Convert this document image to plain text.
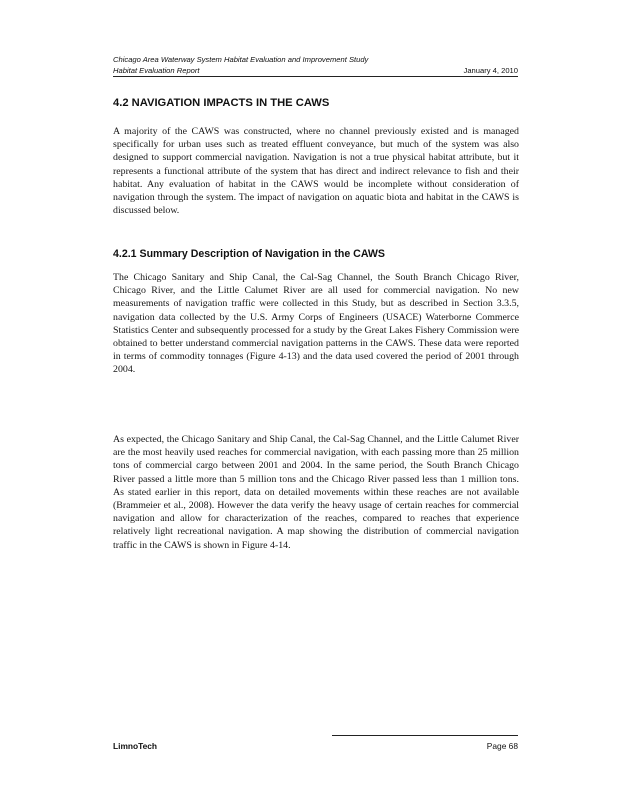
Chicago Area Waterway System Habitat Evaluation and Improvement Study
Habitat Evaluation Report	January 4, 2010
4.2 NAVIGATION IMPACTS IN THE CAWS

A majority of the CAWS was constructed, where no channel previously existed and is managed specifically for urban uses such as treated effluent conveyance, but much of the system was also designed to support commercial navigation. Navigation is not a true physical habitat attribute, but it represents a functional attribute of the system that has direct and indirect relevance to fish and their habitat. Any evaluation of habitat in the CAWS would be incomplete without consideration of navigation through the system. The impact of navigation on aquatic biota and habitat in the CAWS is discussed below.

4.2.1 Summary Description of Navigation in the CAWS

The Chicago Sanitary and Ship Canal, the Cal-Sag Channel, the South Branch Chicago River, Chicago River, and the Little Calumet River are all used for commercial navigation. No new measurements of navigation traffic were collected in this Study, but as described in Section 3.3.5, navigation data collected by the U.S. Army Corps of Engineers (USACE) Waterborne Commerce Statistics Center and subsequently processed for a study by the Great Lakes Fishery Commission were obtained to better understand commercial navigation patterns in the CAWS. These data were reported in terms of commodity tonnages (Figure 4-13) and the data used covered the period of 2001 through 2004.

As expected, the Chicago Sanitary and Ship Canal, the Cal-Sag Channel, and the Little Calumet River are the most heavily used reaches for commercial navigation, with each passing more than 25 million tons of commercial cargo between 2001 and 2004. In the same period, the South Branch Chicago River passed a little more than 5 million tons and the Chicago River passed less than 1 million tons. As stated earlier in this report, data on detailed movements within these reaches are not available (Brammeier et al., 2008). However the data verify the heavy usage of certain reaches for commercial navigation and allow for characterization of the reaches, compared to reaches that experience relatively light recreational navigation. A map showing the distribution of commercial navigation traffic in the CAWS is shown in Figure 4-14.

LimnoTech	Page 68
